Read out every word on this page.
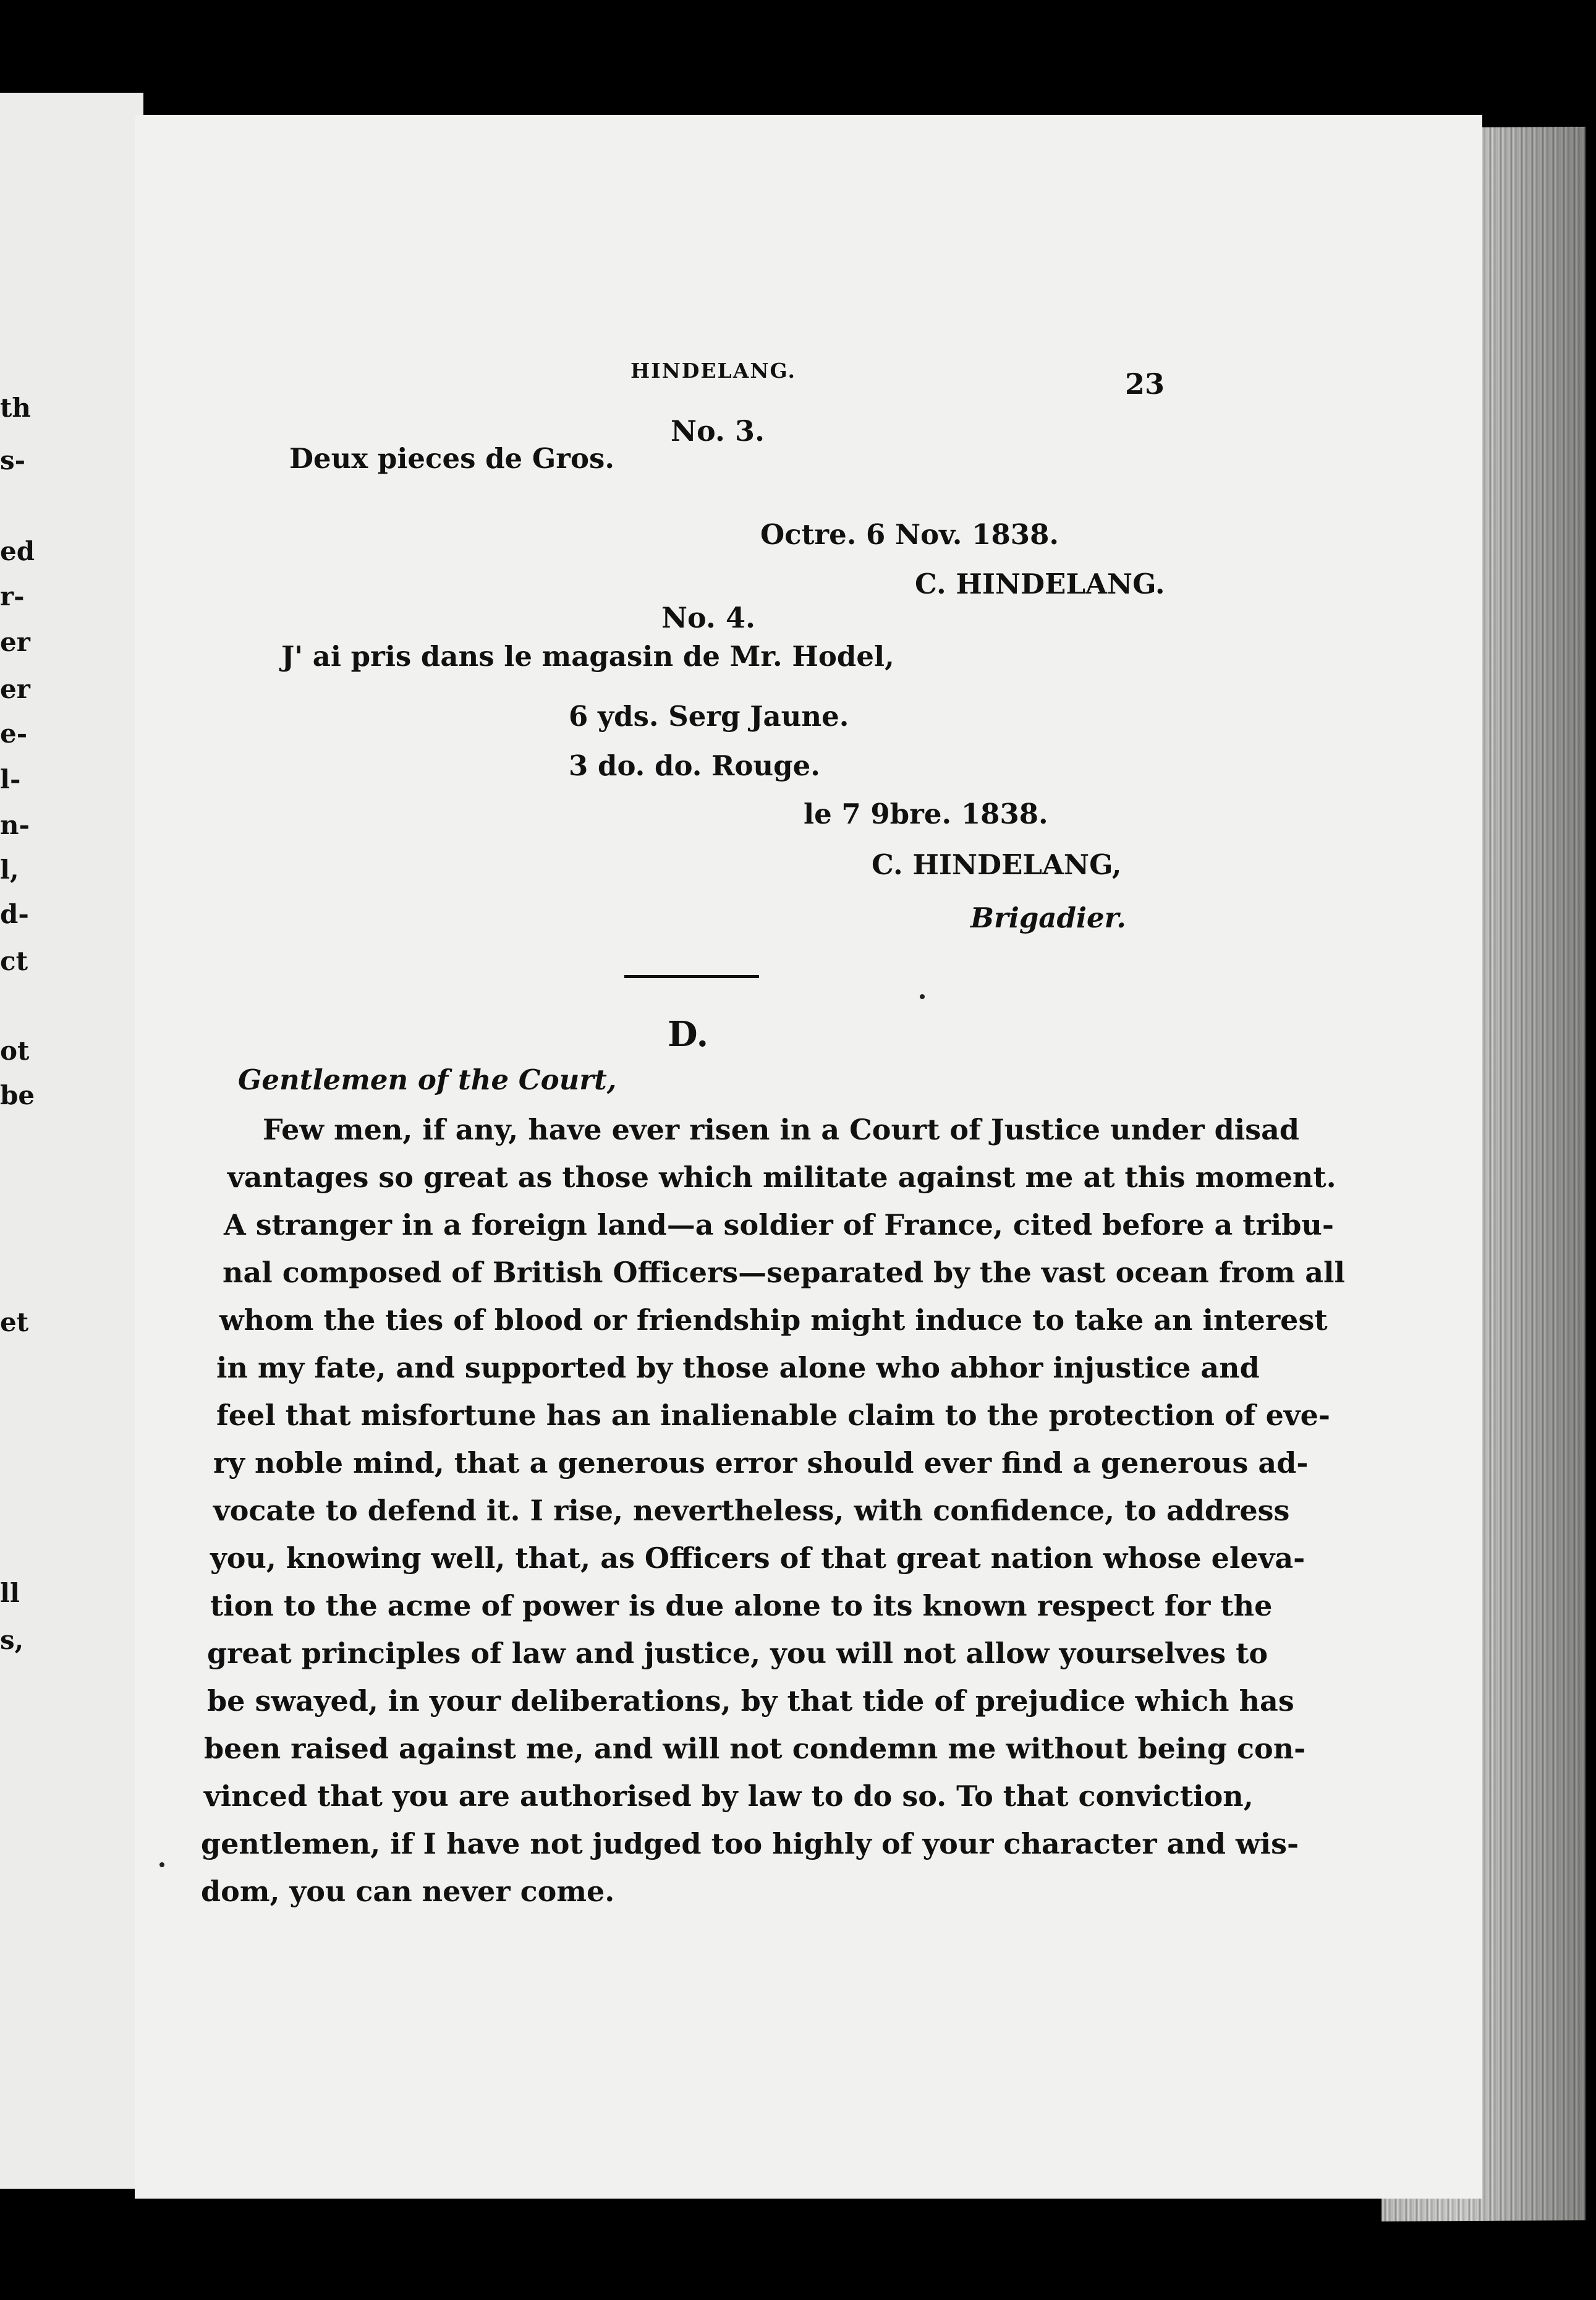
th
s-
ed
r-
er
er
e-
l-
n-
l,
d-
ct
ot
be
et
ll
s,
HINDELANG.	23
No. 3.
Deux pieces de Gros.
Octre. 6 Nov. 1838.
C. HINDELANG.
No. 4.
J' ai pris dans le magasin de Mr. Hodel,
6 yds. Serg Jaune.
3 do. do. Rouge.
le 7 9bre. 1838.
C. HINDELANG,
Brigadier.
D.
Gentlemen of the Court,
Few men, if any, have ever risen in a Court of Justice under disad
vantages so great as those which militate against me at this moment.
A stranger in a foreign land—a soldier of France, cited before a tribu-
nal composed of British Officers—separated by the vast ocean from all
whom the ties of blood or friendship might induce to take an interest
in my fate, and supported by those alone who abhor injustice and
feel that misfortune has an inalienable claim to the protection of eve-
ry noble mind, that a generous error should ever find a generous ad-
vocate to defend it. I rise, nevertheless, with confidence, to address
you, knowing well, that, as Officers of that great nation whose eleva-
tion to the acme of power is due alone to its known respect for the
great principles of law and justice, you will not allow yourselves to
be swayed, in your deliberations, by that tide of prejudice which has
been raised against me, and will not condemn me without being con-
vinced that you are authorised by law to do so. To that conviction,
gentlemen, if I have not judged too highly of your character and wis-
dom, you can never come.
